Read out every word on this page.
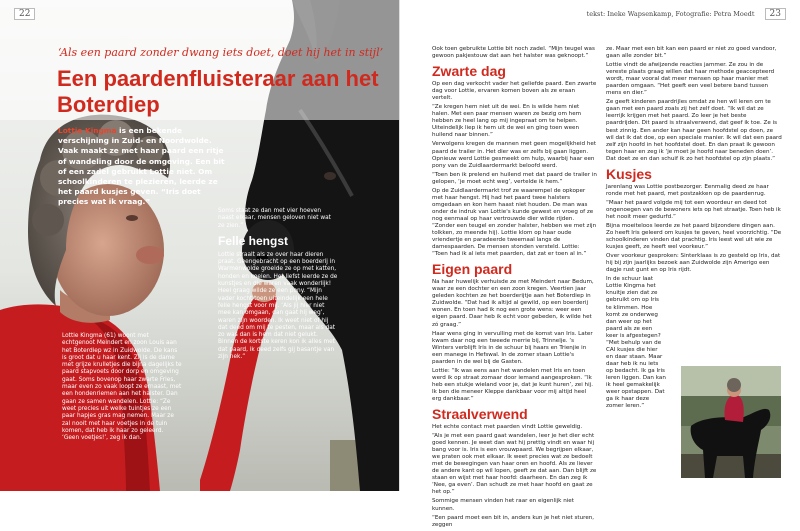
22
‘Als een paard zonder dwang iets doet, doet hij het in stijl’
Een paardenfluisteraar aan het Boterdiep

Lottie Kingma is een bekende verschijning in Zuid- en Noordwolde. Vaak maakt ze met haar paard een ritje of wandeling door de omgeving. Een bit of een zadel gebruikt Lottie niet. Om schoolkinderen te plezieren, leerde ze het paard kusjes geven. “Iris doet precies wat ik vraag.”

Soms staat ze dan met vier hoeven naast elkaar, mensen geloven niet wat ze zien.”

Felle hengst

Lottie straalt als ze over haar dieren praat. Geengebracht op een boerderij in Warmenwolde groeide ze op met katten, honden en koeien. Het liefst leerde ze de kunstjes en die waren vaak wonderlijk! Heel graag wilde ze een pony. “Mijn vader kocht toen uiteindelijk een hele felle hengst voor mij. ‘Als jij hier niet mee kan omgaan, dan gaat hij weg’, waren zijn woorden. Ik weet niet of hij dat deed om mij te pesten, maar als dat zo was dan is hem dat niet gelukt. Binnen de kortste keren kon ik alles met dat paard, ik deed zelfs gij basantje van zijn nek.”

Lottie Kingma (61) woont met echtgenoot Meindert en zoon Louis aan het Boterdiep wz in Zuidwolde. De kans is groot dat u haar kent. Zij is de dame met grijze krulletjes die bijna dagelijks te paard stapvoets door dorp en omgeving gaat. Soms bovenop haar zwarte Fries, maar even zo vaak loopt ze ernaast, met een hondenriemen aan het halster. Dan gaan ze samen wandelen. Lottie: “Ze weet precies uit welke tuintjes ze een paar hapjes gras mag nemen. Maar ze zal nooit met haar voetjes in de tuin komen, dat heb ik haar zo geleerd. ‘Geen voetjes!’, zeg ik dan.

tekst: Ineke Wapsenkamp, Fotografie: Petra Moedt 23

Ook toen gebruikte Lottie bit noch zadel. “Mijn teugel was gewoon pakjestouw dat aan het halster was geknoopt.”

Zwarte dag

Op een dag verkocht vader het geliefde paard. Een zwarte dag voor Lottie, ervaren komen boven als ze eraan vertelt.

“Ze kregen hem niet uit de wei. En is wilde hem niet halen. Met een paar mensen waren ze bezig om hem hebben ze heel lang op mij ingepraat om te helpen. Uiteindelijk liep ik hem uit de wei en ging toen ween huilend naar binnen.”

Verwolgens kregen de mannen met geen mogelijkheid het paard de trailer in. Het dier was er zelfs bij gaan liggen. Opnieuw werd Lottie gesmeekt om hulp, waarbij haar een pony van de Zuidlaardermarkt beloofd werd.

“Toen ben ik prelend en huilend met dat paard de trailer in gelopen, ‘je moet echt weg’, vertelde ik hem.”

Op de Zuidlaardermarkt trof ze waarempel de opkoper met haar hengst. Hij had het paard twee halsters omgedaan en kon hem haast niet houden. De man was onder de indruk van Lottie's kunde gewest en vroeg of ze nog eenmaal op haar vertrouwde dier wilde rijden. “Zonder een teugel en zonder halster, hebben we met zijn tolkken, zo meende hij). Lottie klom op haar oude vriendertje en paradeerde tweemaal langs de damespaarden. De mensen stonden versteld. Lottie: “Toen had ik al iets met paarden, dat zat er toen al in.”

Eigen paard

Na haar huwelijk verhuisde ze met Meindert naar Bedum, waar ze een dochter en een zoon kregen. Veertien jaar geleden kochten ze het boerderijtje aan het Boterdiep in Zuidwolde. “Dat had ik altijd al gewild, op een boerderij wonen. En toen had ik nog een grote wens: weer een eigen paard. Daar heb ik echt voor gebeden, ik wilde het zó graag.”

Haar wens ging in vervulling met de komst van Iris. Later kwam daar nog een tweede merrie bij, Trinnelje. ‘s Winters verblijft Iris in de schuur bij haars en Trienjie in een manege in Hefswal. In de zomer staan Lottie's paarden in de wei bij de Gasten.

Lottie: “Ik was eens aan het wandelen met Iris en toen werd ik op straat zomaar door iemand aangesproken. “Ik heb een stukje wieland voor je, dat je kunt huren’, zei hij. Ik ben die meneer Kleppe dankbaar voor mij altijd heel erg dankbaar.”

Straalverwend

Het echte contact met paarden vindt Lottie geweldig.

“Als je met een paard gaat wandelen, leer je het dier echt goed kennen. Je weet dan wat hij prettig vindt en waar hij bang voor is. Iris is een vrouwpaard. We begrijpen elkaar, we praten ook met elkaar. Ik weet precies wat ze bedoelt met de bewegingen van haar oren en hoofd. Als ze liever de andere kant op wil lopen, geeft ze dat aan. Dan blijft ze staan en wijst met haar hoofd: daarheen. En dan zeg ik ‘Nee, ga even’. Dan schudt ze met haar hoofd en gaat ze het op.”

Sommige mensen vinden het raar en eigenlijk niet kunnen.

“Een paard moet een bit in, anders kun je het niet sturen, zeggen

ze. Maar met een bit kan een paard er niet zo goed vandoor, gaan alle zonder bit.”

Lottie vindt de afwijzende reacties jammer. Ze zou in de vereste plaats graag willen dat haar methode geaccepteerd wordt, maar vooral dat meer mensen op haar manier met paarden omgaan. “Het geeft een veel betere band tussen mens en dier.”

Ze geeft kinderen paardrijles omdat ze hen wil leren om te gaan met een paard zoals zij het zelf doet. “Ik wil dat ze leerrijk krijgen met het paard. Zo leer je het beste paardrijden. Dit paard is straalverwend, dat geef ik toe. Ze is best zinnig. Een ander kan haar geen hoofdstel op doen, ze wil dat ik dat doe, op een speciale manier. Ik wil dat een paard zelf zijn hoofd in het hoofdstel doet. En dan praat ik gewoon tegen haar en zeg ik ‘je moet je hoofd naar beneden doen’. Dat doet ze en dan schuif ik zo het hoofdstel op zijn plaats.”

Kusjes

Jarenlang was Lottie postbezorger. Eenmalig deed ze haar ronde met het paard, met postzakken op de paardenrug.

“Maar het paard volgde mij tot een woordeur en deed tot ongenoegen van de bewoners iets op het straatje. Toen heb ik het nooit meer gedurfd.”

Bijna moeiteloos leerde ze het paard bijzondere dingen aan. Zo heeft Iris geleerd om kusjes te geven, heel voorzichtig. “De schoolkinderen vinden dat prachtig. Iris leest wel uit wie ze kusjes geeft, ze heeft wel voorkeur.”

Over voorkeur gesproken: Sinterklaas is zo gesteld op Iris, dat hij bij zijn jaarlijks bezoek aan Zuidwolde zijn Amerigo een dagje rust gunt en op Iris rijdt.

In de schuur laat Lottie Kingma het knuitje zien dat ze gebruikt om op Iris te klimmen. Hoe komt ze onderweg dan weer op het paard als ze een keer is afgestegen? “Met behulp van de CAI kusjes die hier en daar staan. Maar daar heb ik nu iets op bedacht. Ik ga Iris leren liggen. Dan kan ik heel gemakkelijk weer opstappen. Dat ga ik haar deze zomer leren.”
